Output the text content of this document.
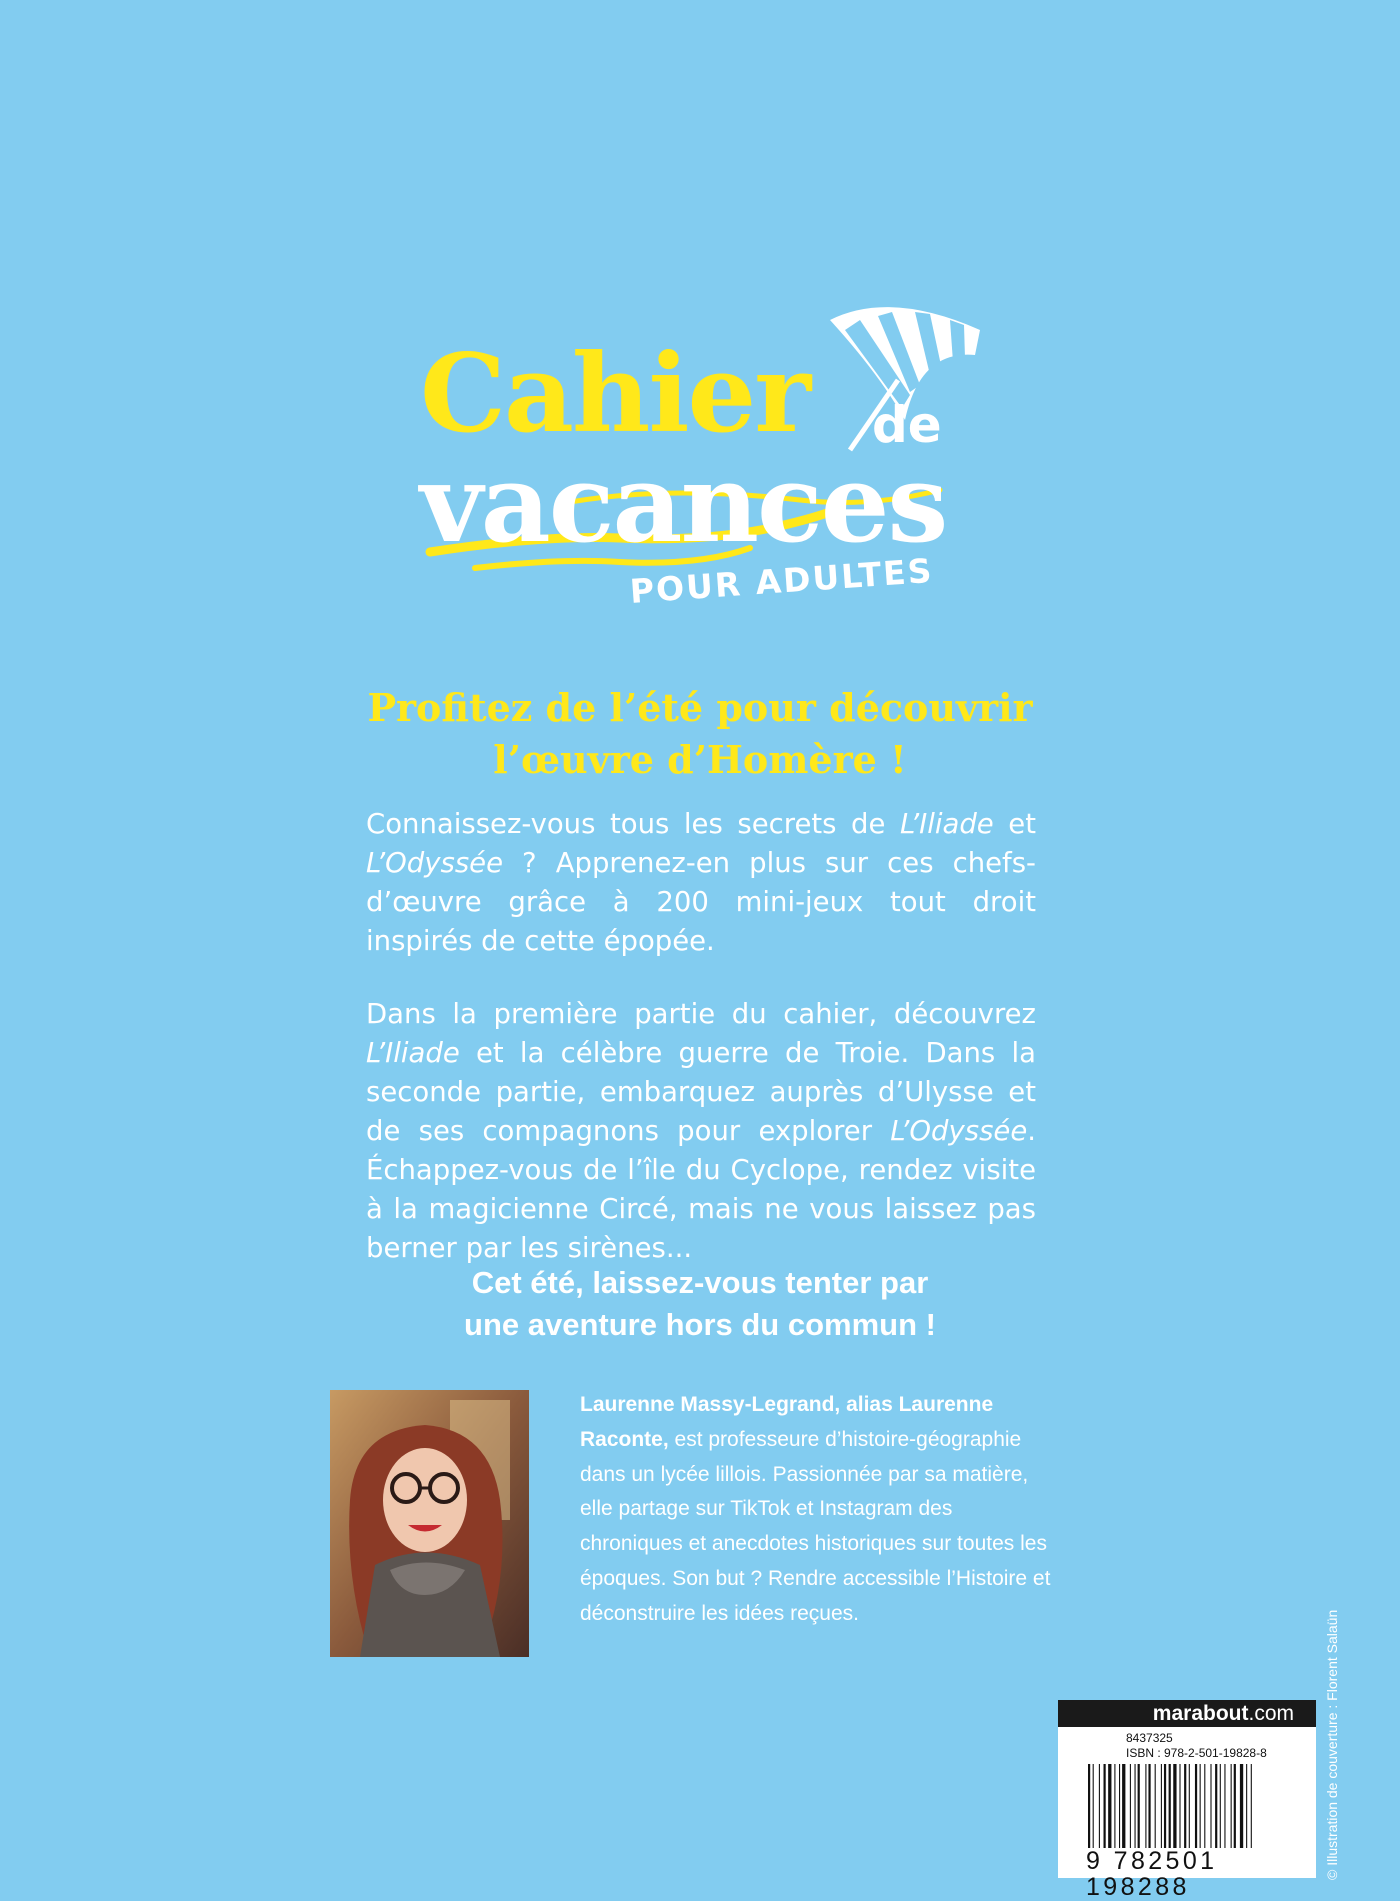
Cahier de
vacances
POUR ADULTES
Profitez de l’été pour découvrir
l’œuvre d’Homère !

Connaissez-vous tous les secrets de L’Iliade et L’Odyssée ? Apprenez-en plus sur ces chefs-d’œuvre grâce à 200 mini-jeux tout droit inspirés de cette épopée.

Dans la première partie du cahier, découvrez L’Iliade et la célèbre guerre de Troie. Dans la seconde partie, embarquez auprès d’Ulysse et de ses compagnons pour explorer L’Odyssée. Échappez-vous de l’île du Cyclope, rendez visite à la magicienne Circé, mais ne vous laissez pas berner par les sirènes...

Cet été, laissez-vous tenter par
une aventure hors du commun !
Laurenne Massy-Legrand, alias Laurenne Raconte, est professeure d’histoire-géographie dans un lycée lillois. Passionnée par sa matière, elle partage sur TikTok et Instagram des chroniques et anecdotes historiques sur toutes les époques. Son but ? Rendre accessible l’Histoire et déconstruire les idées reçues.	© Illustration de couverture : Florent Salaün
marabout.com
8437325
ISBN : 978-2-501-19828-8
9 782501 198288
